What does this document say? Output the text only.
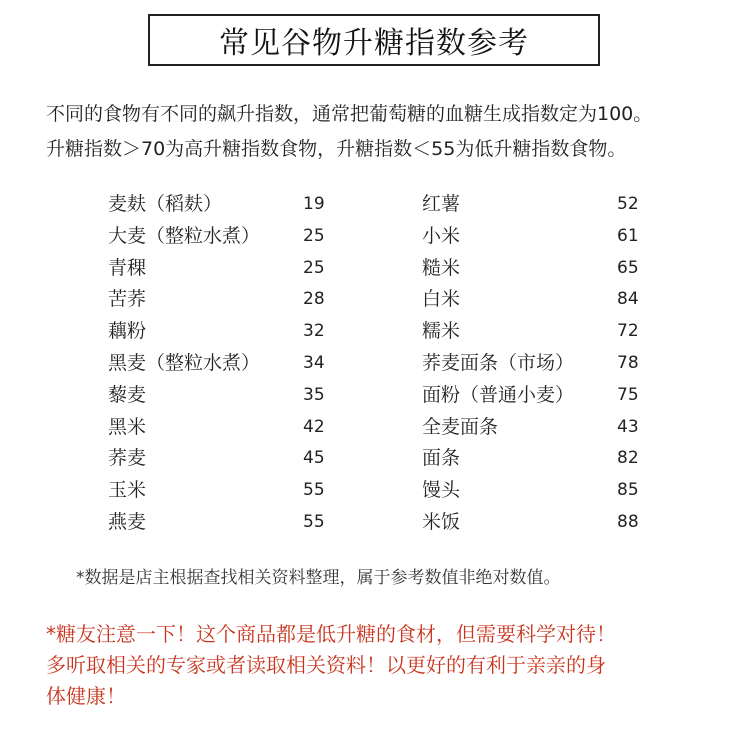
常见谷物升糖指数参考
不同的食物有不同的飙升指数，通常把葡萄糖的血糖生成指数定为100。
升糖指数＞70为高升糖指数食物，升糖指数＜55为低升糖指数食物。
麦麸（稻麸）	19
大麦（整粒水煮）	25
青稞	25
苦荞	28
藕粉	32
黑麦（整粒水煮）	34
藜麦	35
黑米	42
荞麦	45
玉米	55
燕麦	55
红薯	52
小米	61
糙米	65
白米	84
糯米	72
荞麦面条（市场）	78
面粉（普通小麦）	75
全麦面条	43
面条	82
馒头	85
米饭	88
*数据是店主根据查找相关资料整理，属于参考数值非绝对数值。
*糖友注意一下！这个商品都是低升糖的食材，但需要科学对待！
多听取相关的专家或者读取相关资料！以更好的有利于亲亲的身
体健康！
